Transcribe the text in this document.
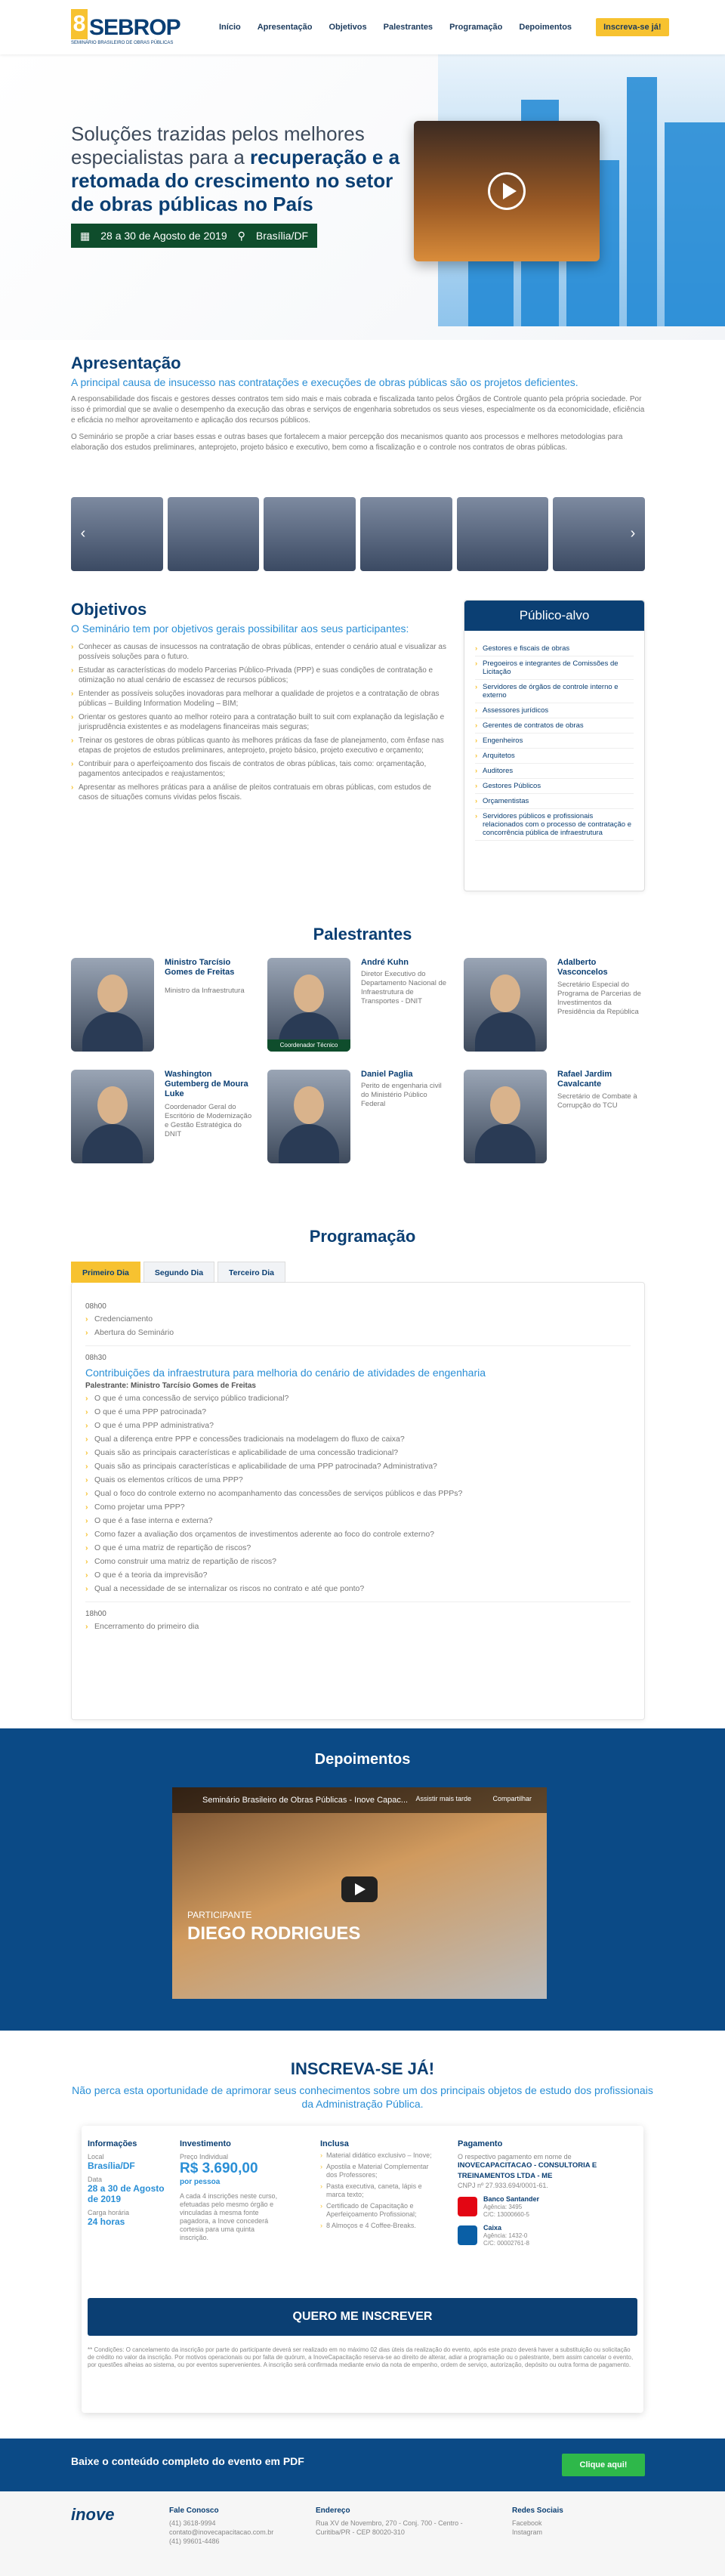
8 SEBROP
SEMINÁRIO BRASILEIRO DE OBRAS PÚBLICAS
Início Apresentação Objetivos Palestrantes Programação Depoimentos	Inscreva-se já!
Soluções trazidas pelos melhores especialistas para a recuperação e a retomada do crescimento no setor de obras públicas no País
▦ 28 a 30 de Agosto de 2019 ⚲ Brasília/DF
Apresentação
A principal causa de insucesso nas contratações e execuções de obras públicas são os projetos deficientes.

A responsabilidade dos fiscais e gestores desses contratos tem sido mais e mais cobrada e fiscalizada tanto pelos Órgãos de Controle quanto pela própria sociedade. Por isso é primordial que se avalie o desempenho da execução das obras e serviços de engenharia sobretudos os seus vieses, especialmente os da economicidade, eficiência e eficácia no melhor aproveitamento e aplicação dos recursos públicos.

O Seminário se propõe a criar bases essas e outras bases que fortalecem a maior percepção dos mecanismos quanto aos processos e melhores metodologias para elaboração dos estudos preliminares, anteprojeto, projeto básico e executivo, bem como a fiscalização e o controle nos contratos de obras públicas.

‹	›
Objetivos
O Seminário tem por objetivos gerais possibilitar aos seus participantes:
› Conhecer as causas de insucessos na contratação de obras públicas, entender o cenário atual e visualizar as possíveis soluções para o futuro.
› Estudar as características do modelo Parcerias Público-Privada (PPP) e suas condições de contratação e otimização no atual cenário de escassez de recursos públicos;
› Entender as possíveis soluções inovadoras para melhorar a qualidade de projetos e a contratação de obras públicas – Building Information Modeling – BIM;
› Orientar os gestores quanto ao melhor roteiro para a contratação built to suit com explanação da legislação e jurisprudência existentes e as modelagens financeiras mais seguras;
› Treinar os gestores de obras públicas quanto às melhores práticas da fase de planejamento, com ênfase nas etapas de projetos de estudos preliminares, anteprojeto, projeto básico, projeto executivo e orçamento;
› Contribuir para o aperfeiçoamento dos fiscais de contratos de obras públicas, tais como: orçamentação, pagamentos antecipados e reajustamentos;
› Apresentar as melhores práticas para a análise de pleitos contratuais em obras públicas, com estudos de casos de situações comuns vividas pelos fiscais.
Público-alvo
› Gestores e fiscais de obras
› Pregoeiros e integrantes de Comissões de Licitação
› Servidores de órgãos de controle interno e externo
› Assessores jurídicos
› Gerentes de contratos de obras
› Engenheiros
› Arquitetos
› Auditores
› Gestores Públicos
› Orçamentistas
› Servidores públicos e profissionais relacionados com o processo de contratação e concorrência pública de infraestrutura
Palestrantes
Ministro Tarcísio Gomes de Freitas
Ministro da Infraestrutura
Coordenador Técnico
André Kuhn
Diretor Executivo do Departamento Nacional de Infraestrutura de Transportes - DNIT
Adalberto Vasconcelos
Secretário Especial do Programa de Parcerias de Investimentos da Presidência da República
Washington Gutemberg de Moura Luke
Coordenador Geral do Escritório de Modernização e Gestão Estratégica do DNIT
Daniel Paglia
Perito de engenharia civil do Ministério Público Federal
Rafael Jardim Cavalcante
Secretário de Combate à Corrupção do TCU
Programação
Primeiro Dia	Segundo Dia	Terceiro Dia
08h00
› Credenciamento
› Abertura do Seminário
08h30
Contribuições da infraestrutura para melhoria do cenário de atividades de engenharia
Palestrante: Ministro Tarcísio Gomes de Freitas
› O que é uma concessão de serviço público tradicional?
› O que é uma PPP patrocinada?
› O que é uma PPP administrativa?
› Qual a diferença entre PPP e concessões tradicionais na modelagem do fluxo de caixa?
› Quais são as principais características e aplicabilidade de uma concessão tradicional?
› Quais são as principais características e aplicabilidade de uma PPP patrocinada? Administrativa?
› Quais os elementos críticos de uma PPP?
› Qual o foco do controle externo no acompanhamento das concessões de serviços públicos e das PPPs?
› Como projetar uma PPP?
› O que é a fase interna e externa?
› Como fazer a avaliação dos orçamentos de investimentos aderente ao foco do controle externo?
› O que é uma matriz de repartição de riscos?
› Como construir uma matriz de repartição de riscos?
› O que é a teoria da imprevisão?
› Qual a necessidade de se internalizar os riscos no contrato e até que ponto?
18h00
› Encerramento do primeiro dia
Depoimentos
Seminário Brasileiro de Obras Públicas - Inove Capac...	Assistir mais tarde	Compartilhar
PARTICIPANTE
DIEGO RODRIGUES
INSCREVA-SE JÁ!
Não perca esta oportunidade de aprimorar seus conhecimentos sobre um dos principais objetos de estudo dos profissionais da Administração Pública.
Informações
Local
Brasília/DF
Data
28 a 30 de Agosto de 2019
Carga horária
24 horas
Investimento
Preço Individual
R$ 3.690,00
por pessoa
A cada 4 inscrições neste curso, efetuadas pelo mesmo órgão e vinculadas à mesma fonte pagadora, a Inove concederá cortesia para uma quinta inscrição.
Inclusa
› Material didático exclusivo – Inove;
› Apostila e Material Complementar dos Professores;
› Pasta executiva, caneta, lápis e marca texto;
› Certificado de Capacitação e Aperfeiçoamento Profissional;
› 8 Almoços e 4 Coffee-Breaks.
Pagamento
O respectivo pagamento em nome de
INOVECAPACITACAO - CONSULTORIA E TREINAMENTOS LTDA - ME
CNPJ nº 27.933.694/0001-61.
Banco Santander
Agência: 3495
C/C: 13000660-5
Caixa
Agência: 1432-0
C/C: 00002761-8
QUERO ME INSCREVER
** Condições: O cancelamento da inscrição por parte do participante deverá ser realizado em no máximo 02 dias úteis da realização do evento, após este prazo deverá haver a substituição ou solicitação de crédito no valor da inscrição. Por motivos operacionais ou por falta de quórum, a InoveCapacitação reserva-se ao direito de alterar, adiar a programação ou o palestrante, bem assim cancelar o evento, por questões alheias ao sistema, ou por eventos supervenientes. A inscrição será confirmada mediante envio da nota de empenho, ordem de serviço, autorização, depósito ou outra forma de pagamento.
Baixe o conteúdo completo do evento em PDF	Clique aqui!
inove	Fale Conosco
(41) 3618-9994
contato@inovecapacitacao.com.br
(41) 99601-4486
Endereço
Rua XV de Novembro, 270 - Conj. 700 - Centro - Curitiba/PR - CEP 80020-310
Redes Sociais
Facebook
Instagram
